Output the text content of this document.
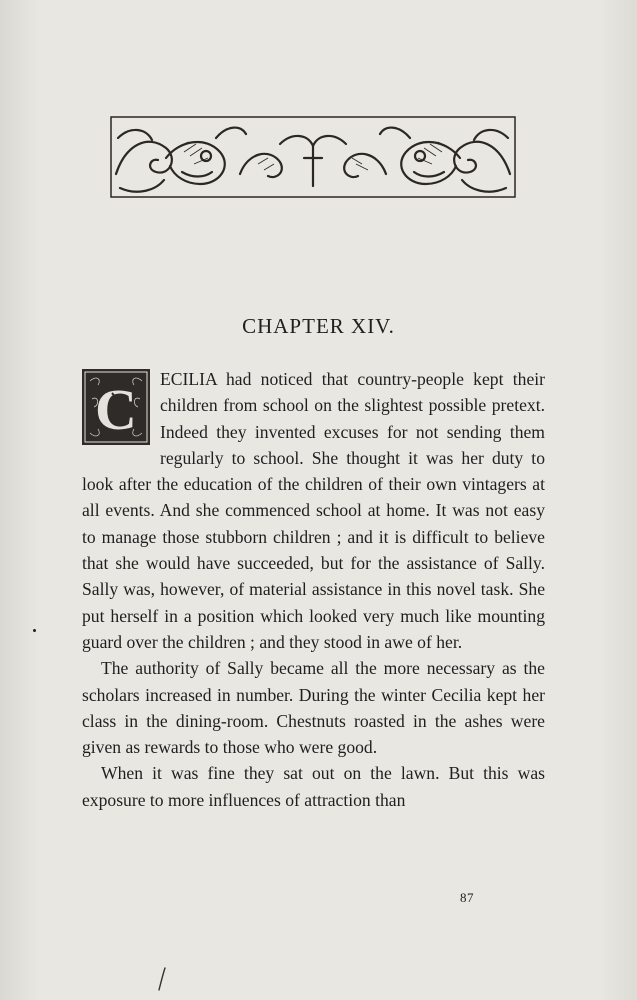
CHAPTER XIV.

C ECILIA had noticed that country-people kept their children from school on the slightest possible pretext. Indeed they invented excuses for not sending them regularly to school. She thought it was her duty to look after the education of the children of their own vintagers at all events. And she commenced school at home. It was not easy to manage those stubborn children ; and it is difficult to believe that she would have succeeded, but for the assistance of Sally. Sally was, however, of material assistance in this novel task. She put herself in a position which looked very much like mounting guard over the children ; and they stood in awe of her.

The authority of Sally became all the more necessary as the scholars increased in number. During the winter Cecilia kept her class in the dining-room. Chestnuts roasted in the ashes were given as rewards to those who were good.

When it was fine they sat out on the lawn. But this was exposure to more influences of attraction than

87
